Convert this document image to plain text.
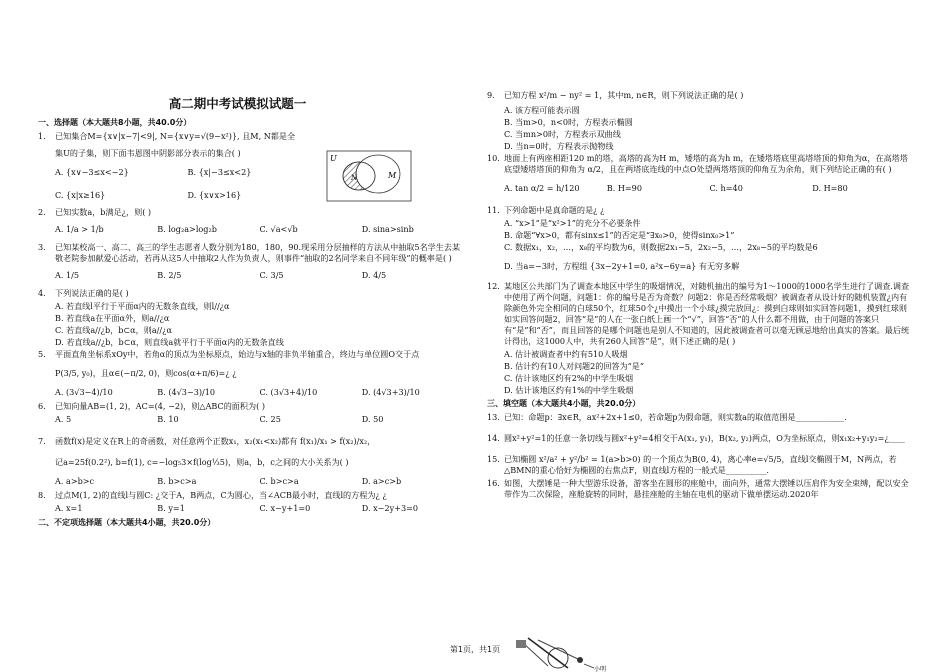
高二期中考试模拟试题一
一、选择题（本大题共8小题，共40.0分）
1.	已知集合M={x∨|x−7|<9|, N={x∨y=√(9−x²)}, 且M, N都是全
集U的子集，则下面韦恩图中阴影部分表示的集合( )
A. {x∨−3≤x<−2}	B. {x|−3≤x<2}
C. {x|x≥16}	D. {x∨x>16}
2.	已知实数a，b满足¿，则( )
A. 1/a > 1/b	B. log₂a>log₂b	C. √a<√b	D. sina>sinb
3.	已知某校高一、高二、高三的学生志愿者人数分别为180，180，90.现采用分层抽样的方法从中抽取5名学生去某敬老院参加献爱心活动，若再从这5人中抽取2人作为负责人，则事件“抽取的2名同学来自不同年级”的概率是( )
A. 1/5	B. 2/5	C. 3/5	D. 4/5
4.	下列说法正确的是( )
A. 若直线l平行于平面α内的无数条直线，则l//¿α
B. 若直线a在平面α外，则a//¿α
C. 若直线a//¿b，b⊂α，则a//¿α
D. 若直线a//¿b，b⊂α，则直线a就平行于平面α内的无数条直线
5.	平面直角坐标系xOy中，若角α的顶点为坐标原点，始边与x轴的非负半轴重合，终边与单位圆O交于点
P(3/5, y₀)，且α∈(−π/2, 0)，则cos(α+π/6)=¿ ¿
A. (3√3−4)/10	B. (4√3−3)/10	C. (3√3+4)/10	D. (4√3+3)/10
6.	已知向量AB=(1, 2)，AC=(4, −2)，则△ABC的面积为( )
A. 5	B. 10	C. 25	D. 50
7.	函数f(x)是定义在R上的奇函数，对任意两个正数x₁，x₂(x₁<x₂)都有 f(x₁)/x₁ > f(x₂)/x₂，
记a=25f(0.2²), b=f(1), c=−log₅3×f(log⅓5)，则a，b，c之间的大小关系为( )
A. a>b>c	B. b>c>a	C. b>c>a	D. a>c>b
8.	过点M(1, 2)的直线l与圆C: ¿交于A，B两点，C为圆心，当∠ACB最小时，直线l的方程为¿ ¿
A. x=1	B. y=1	C. x−y+1=0	D. x−2y+3=0
二、不定项选择题（本大题共4小题，共20.0分）
U
N	M
9.	已知方程 x²/m − ny² = 1，其中m, n∈R，则下列说法正确的是( )
A. 该方程可能表示圆
B. 当m>0，n<0时，方程表示椭圆
C. 当mn>0时，方程表示双曲线
D. 当n=0时，方程表示抛物线
10. 地面上有两座相距120 m的塔，高塔的高为H m，矮塔的高为h m，在矮塔塔底里高塔塔顶的仰角为α，在高塔塔底望矮塔塔顶的仰角为 α/2，且在两塔底连线的中点O处望两塔塔顶的仰角互为余角，则下列结论正确的有( )
A. tan α/2 = h/120	B. H=90	C. h=40	D. H=80
11. 下列命题中是真命题的是¿ ¿
A. “x>1”是“x²>1”的充分不必要条件
B. 命题“∀x>0，都有sinx≤1”的否定是“∃x₀>0，使得sinx₀>1”
C. 数据x₁，x₂，…，x₈的平均数为6，则数据2x₁−5，2x₂−5，…，2x₈−5的平均数是6
D. 当a=−3时，方程组 {3x−2y+1=0, a²x−6y=a} 有无穷多解
12. 某地区公共部门为了调查本地区中学生的吸烟情况，对随机抽出的编号为1～1000的1000名学生进行了调查.调查中使用了两个问题，问题1：你的编号是否为奇数？问题2：你是否经常吸烟？被调查者从设计好的随机装置¿内有除颜色外完全相同的白球50个，红球50个¿中摸出一个小球¿摸完放回¿：摸到白球则如实回答问题1，摸到红球则如实回答问题2，回答“是”的人在一张白纸上画一个“√”，回答“否”的人什么都不用做，由于问题的答案只有“是”和“否”，而且回答的是哪个问题也是别人不知道的，因此被调查者可以毫无顾忌地给出真实的答案。最后统计得出，这1000人中，共有260人回答“是”，则下述正确的是( )
A. 估计被调查者中约有510人吸烟
B. 估计约有10人对问题2的回答为“是”
C. 估计该地区约有2%的中学生吸烟
D. 估计该地区约有1%的中学生吸烟
三、填空题（本大题共4小题，共20.0分）
13. 已知：命题p：∃x∈R，ax²+2x+1≤0，若命题p为假命题，则实数a的取值范围是____________.
14. 圆x²+y²=1的任意一条切线与圆x²+y²=4相交于A(x₁, y₁)，B(x₂, y₂)两点，O为坐标原点，则x₁x₂+y₁y₂=¿____
15. 已知椭圆 x²/a² + y²/b² = 1(a>b>0) 的一个顶点为B(0, 4)，离心率e=√5/5，直线l交椭圆于M，N两点，若△BMN的重心恰好为椭圆的右焦点F，则直线l方程的一般式是__________.
16. 如图，大摆锤是一种大型游乐设备，游客坐在圆形的座舱中，面向外，通常大摆锤以压肩作为安全束缚，配以安全带作为二次保险，座舱旋转的同时，悬挂座舱的主轴在电机的驱动下做单摆运动.2020年
第1页，共1页
小明
